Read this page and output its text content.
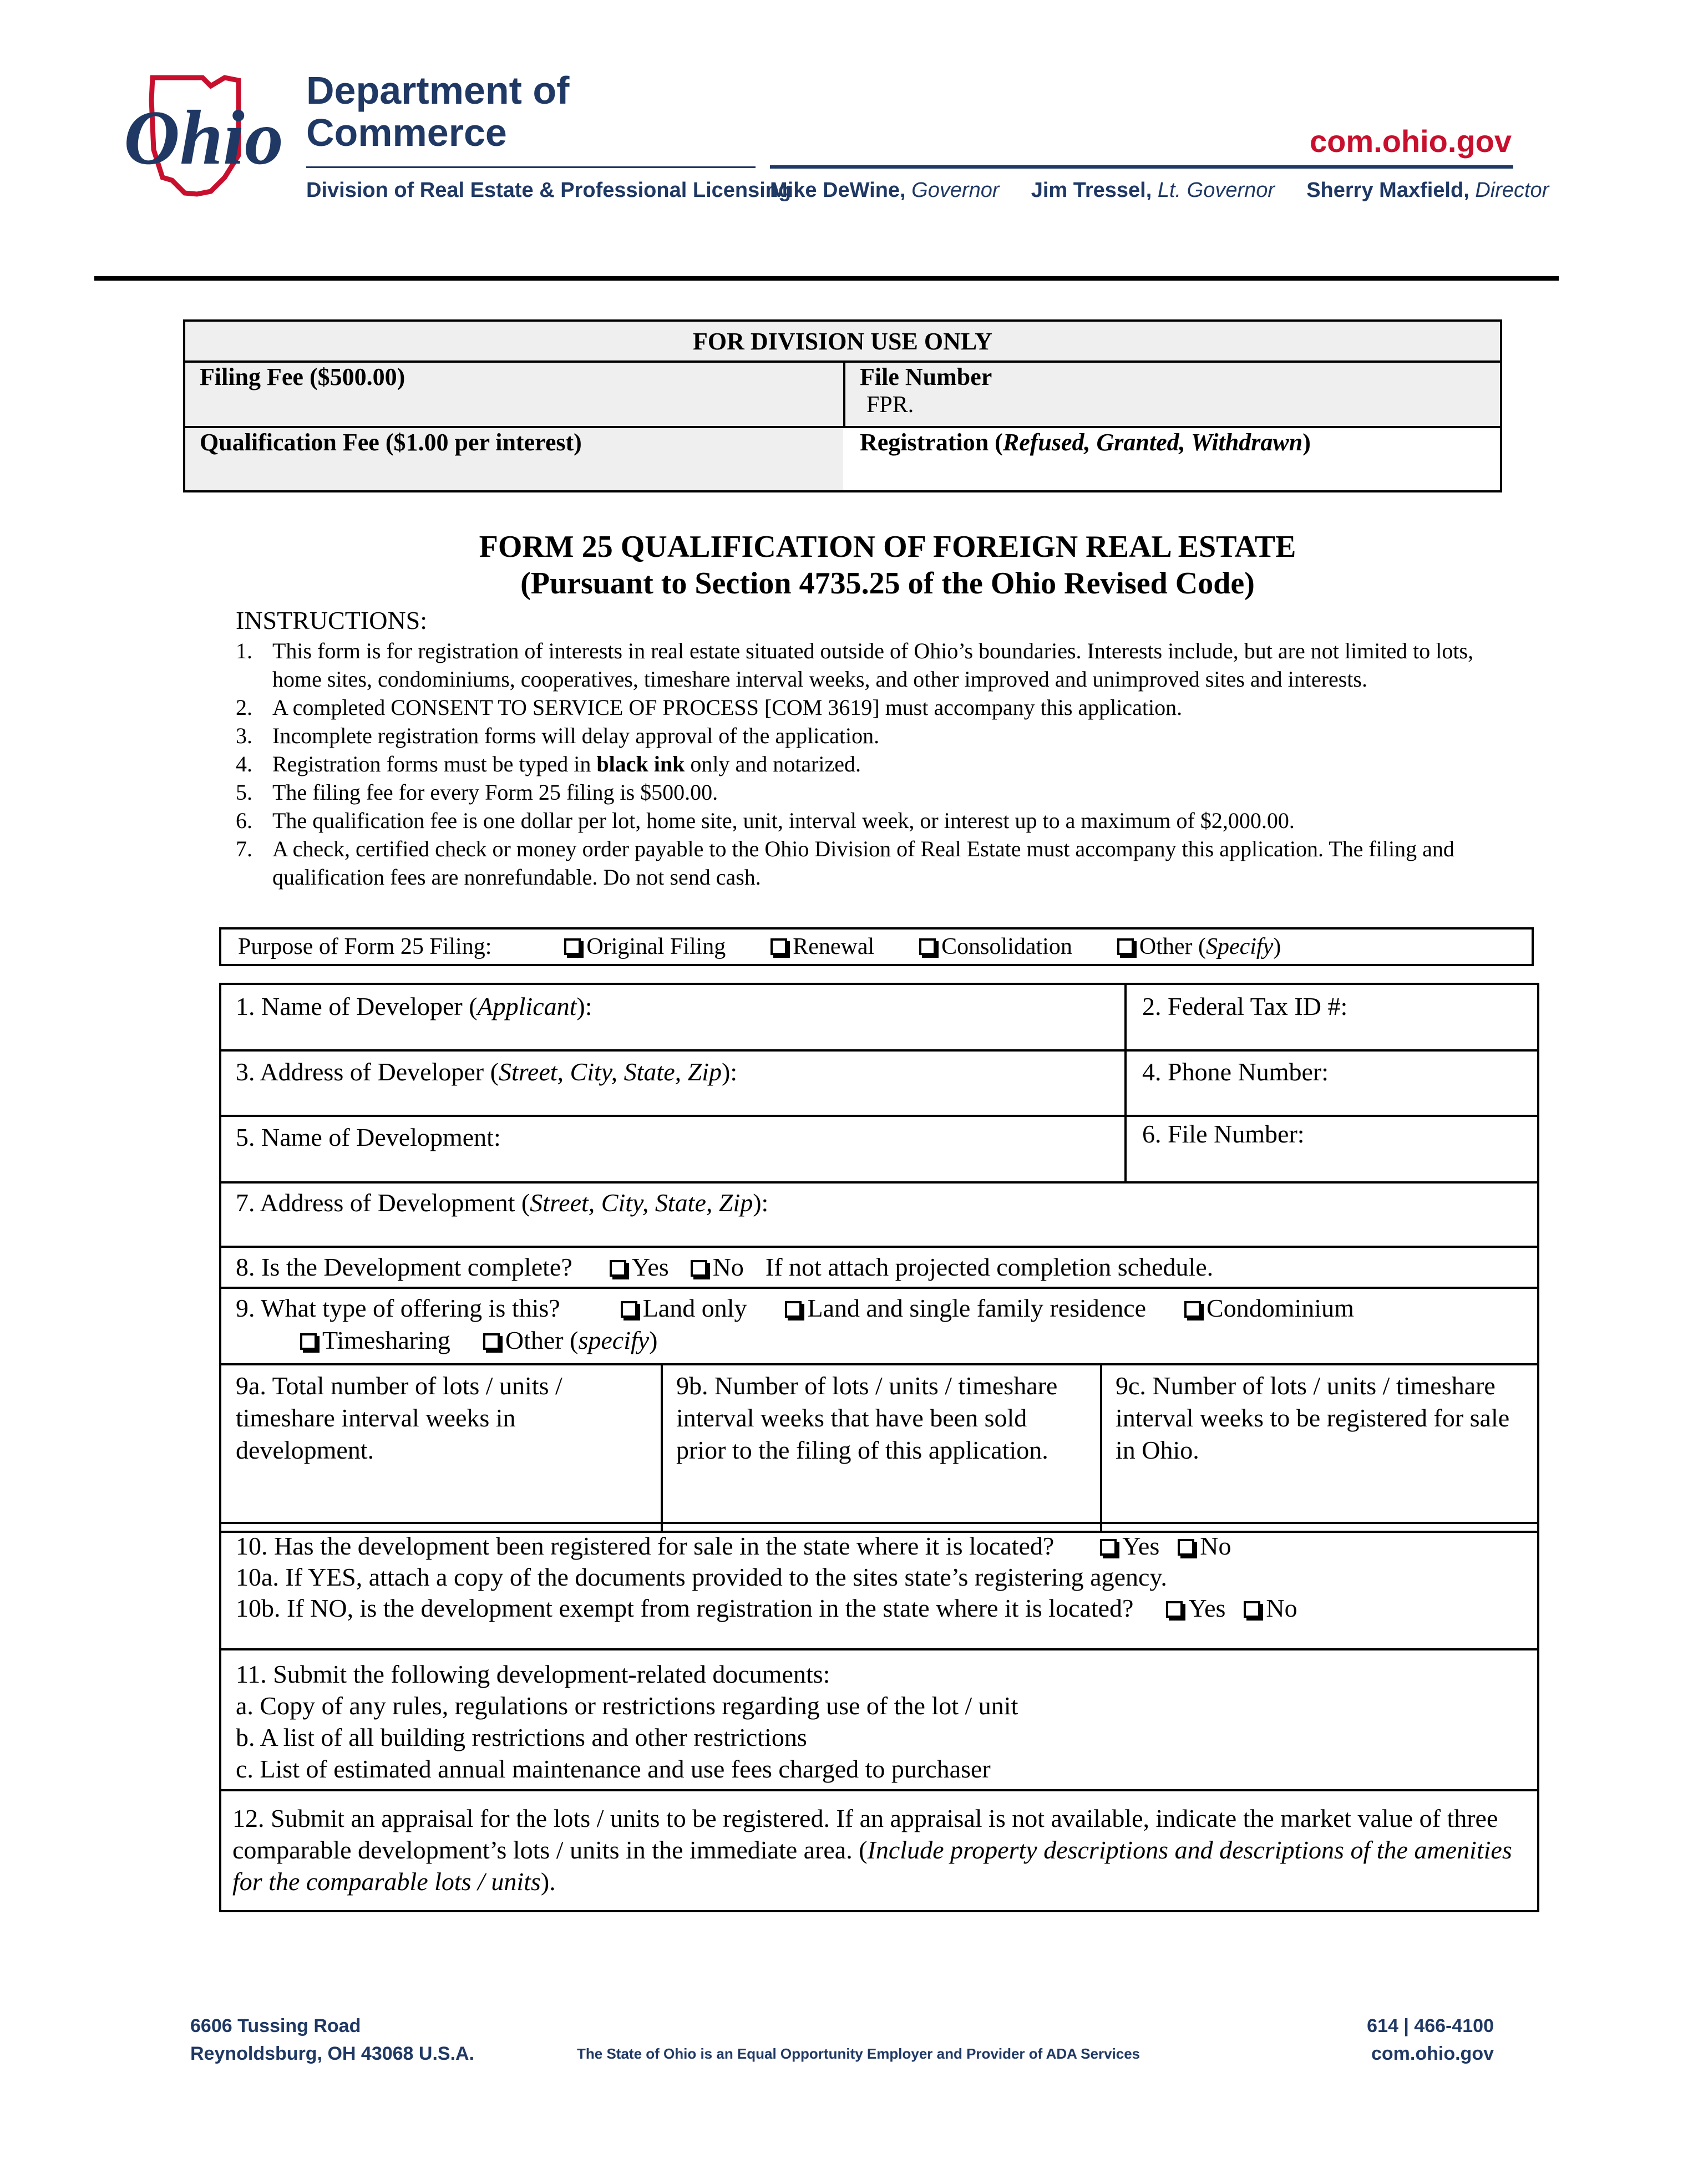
Ohio
Department of
Commerce	com.ohio.gov
Division of Real Estate & Professional Licensing
Mike DeWine, Governor Jim Tressel, Lt. Governor Sherry Maxfield, Director
FOR DIVISION USE ONLY
Filing Fee ($500.00)	File Number
FPR.
Qualification Fee ($1.00 per interest)	Registration (Refused, Granted, Withdrawn)
FORM 25 QUALIFICATION OF FOREIGN REAL ESTATE
(Pursuant to Section 4735.25 of the Ohio Revised Code)
INSTRUCTIONS:
1. This form is for registration of interests in real estate situated outside of Ohio’s boundaries. Interests include, but are not limited to lots, home sites, condominiums, cooperatives, timeshare interval weeks, and other improved and unimproved sites and interests.
2. A completed CONSENT TO SERVICE OF PROCESS [COM 3619] must accompany this application.
3. Incomplete registration forms will delay approval of the application.
4. Registration forms must be typed in black ink only and notarized.
5. The filing fee for every Form 25 filing is $500.00.
6. The qualification fee is one dollar per lot, home site, unit, interval week, or interest up to a maximum of $2,000.00.
7. A check, certified check or money order payable to the Ohio Division of Real Estate must accompany this application. The filing and qualification fees are nonrefundable. Do not send cash.
Purpose of Form 25 Filing:	Original Filing	Renewal	Consolidation	Other (Specify)
1. Name of Developer (Applicant):	2. Federal Tax ID #:
3. Address of Developer (Street, City, State, Zip):	4. Phone Number:
5. Name of Development:	6. File Number:
7. Address of Development (Street, City, State, Zip):
8. Is the Development complete? Yes No If not attach projected completion schedule.
9. What type of offering is this?	Land only Land and single family residence Condominium
Timesharing Other (specify)
9a. Total number of lots / units / timeshare interval weeks in development.
9b. Number of lots / units / timeshare interval weeks that have been sold prior to the filing of this application.
9c. Number of lots / units / timeshare interval weeks to be registered for sale in Ohio.
10. Has the development been registered for sale in the state where it is located?	Yes No
10a. If YES, attach a copy of the documents provided to the sites state’s registering agency.
10b. If NO, is the development exempt from registration in the state where it is located? Yes No
11. Submit the following development-related documents:
a. Copy of any rules, regulations or restrictions regarding use of the lot / unit
b. A list of all building restrictions and other restrictions
c. List of estimated annual maintenance and use fees charged to purchaser
12. Submit an appraisal for the lots / units to be registered. If an appraisal is not available, indicate the market value of three comparable development’s lots / units in the immediate area. (Include property descriptions and descriptions of the amenities for the comparable lots / units).
6606 Tussing Road
Reynoldsburg, OH 43068 U.S.A.	The State of Ohio is an Equal Opportunity Employer and Provider of ADA Services
614 | 466-4100
com.ohio.gov
